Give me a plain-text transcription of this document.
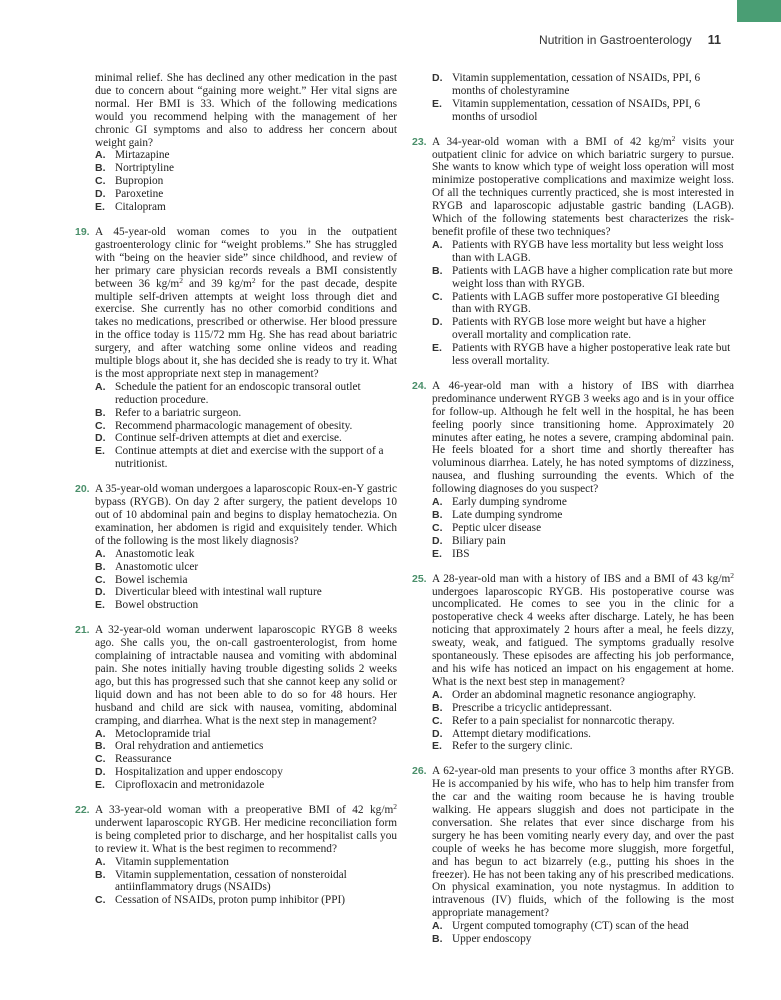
Nutrition in Gastroenterology 11

minimal relief. She has declined any other medication in the past due to concern about “gaining more weight.” Her vital signs are normal. Her BMI is 33. Which of the following medications would you recommend helping with the management of her chronic GI symptoms and also to address her concern about weight gain?

A. Mirtazapine
B. Nortriptyline
C. Bupropion
D. Paroxetine
E. Citalopram
19. A 45-year-old woman comes to you in the outpatient gastroenterology clinic for “weight problems.” She has struggled with “being on the heavier side” since childhood, and review of her primary care physician records reveals a BMI consistently between 36 $kg/m^2$ and 39 $kg/m^2$ for the past decade, despite multiple self-driven attempts at weight loss through diet and exercise. She currently has no other comorbid conditions and takes no medications, prescribed or otherwise. Her blood pressure in the office today is 115/72 mm Hg. She has read about bariatric surgery, and after watching some online videos and reading multiple blogs about it, she has decided she is ready to try it. What is the most appropriate next step in management?

A. Schedule the patient for an endoscopic transoral outlet reduction procedure.
B. Refer to a bariatric surgeon.
C. Recommend pharmacologic management of obesity.
D. Continue self-driven attempts at diet and exercise.
E. Continue attempts at diet and exercise with the support of a nutritionist.
20. A 35-year-old woman undergoes a laparoscopic Roux-en-Y gastric bypass (RYGB). On day 2 after surgery, the patient develops 10 out of 10 abdominal pain and begins to display hematochezia. On examination, her abdomen is rigid and exquisitely tender. Which of the following is the most likely diagnosis?

A. Anastomotic leak
B. Anastomotic ulcer
C. Bowel ischemia
D. Diverticular bleed with intestinal wall rupture
E. Bowel obstruction
21. A 32-year-old woman underwent laparoscopic RYGB 8 weeks ago. She calls you, the on-call gastroenterologist, from home complaining of intractable nausea and vomiting with abdominal pain. She notes initially having trouble digesting solids 2 weeks ago, but this has progressed such that she cannot keep any solid or liquid down and has not been able to do so for 48 hours. Her husband and child are sick with nausea, vomiting, abdominal cramping, and diarrhea. What is the next step in management?

A. Metoclopramide trial
B. Oral rehydration and antiemetics
C. Reassurance
D. Hospitalization and upper endoscopy
E. Ciprofloxacin and metronidazole
22. A 33-year-old woman with a preoperative BMI of 42 $kg/m^2$ underwent laparoscopic RYGB. Her medicine reconciliation form is being completed prior to discharge, and her hospitalist calls you to review it. What is the best regimen to recommend?

A. Vitamin supplementation
B. Vitamin supplementation, cessation of nonsteroidal antiinflammatory drugs (NSAIDs)
C. Cessation of NSAIDs, proton pump inhibitor (PPI)
D. Vitamin supplementation, cessation of NSAIDs, PPI, 6 months of cholestyramine
E. Vitamin supplementation, cessation of NSAIDs, PPI, 6 months of ursodiol
23. A 34-year-old woman with a BMI of 42 $kg/m^2$ visits your outpatient clinic for advice on which bariatric surgery to pursue. She wants to know which type of weight loss operation will most minimize postoperative complications and maximize weight loss. Of all the techniques currently practiced, she is most interested in RYGB and laparoscopic adjustable gastric banding (LAGB). Which of the following statements best characterizes the risk-benefit profile of these two techniques?

A. Patients with RYGB have less mortality but less weight loss than with LAGB.
B. Patients with LAGB have a higher complication rate but more weight loss than with RYGB.
C. Patients with LAGB suffer more postoperative GI bleeding than with RYGB.
D. Patients with RYGB lose more weight but have a higher overall mortality and complication rate.
E. Patients with RYGB have a higher postoperative leak rate but less overall mortality.
24. A 46-year-old man with a history of IBS with diarrhea predominance underwent RYGB 3 weeks ago and is in your office for follow-up. Although he felt well in the hospital, he has been feeling poorly since transitioning home. Approximately 20 minutes after eating, he notes a severe, cramping abdominal pain. He feels bloated for a short time and shortly thereafter has voluminous diarrhea. Lately, he has noted symptoms of dizziness, nausea, and flushing surrounding the events. Which of the following diagnoses do you suspect?

A. Early dumping syndrome
B. Late dumping syndrome
C. Peptic ulcer disease
D. Biliary pain
E. IBS
25. A 28-year-old man with a history of IBS and a BMI of 43 $kg/m^2$ undergoes laparoscopic RYGB. His postoperative course was uncomplicated. He comes to see you in the clinic for a postoperative check 4 weeks after discharge. Lately, he has been noticing that approximately 2 hours after a meal, he feels dizzy, sweaty, weak, and fatigued. The symptoms gradually resolve spontaneously. These episodes are affecting his job performance, and his wife has noticed an impact on his engagement at home. What is the next best step in management?

A. Order an abdominal magnetic resonance angiography.
B. Prescribe a tricyclic antidepressant.
C. Refer to a pain specialist for nonnarcotic therapy.
D. Attempt dietary modifications.
E. Refer to the surgery clinic.
26. A 62-year-old man presents to your office 3 months after RYGB. He is accompanied by his wife, who has to help him transfer from the car and the waiting room because he is having trouble walking. He appears sluggish and does not participate in the conversation. She relates that ever since discharge from his surgery he has been vomiting nearly every day, and over the past couple of weeks he has become more sluggish, more forgetful, and has begun to act bizarrely (e.g., putting his shoes in the freezer). He has not been taking any of his prescribed medications. On physical examination, you note nystagmus. In addition to intravenous (IV) fluids, which of the following is the most appropriate management?

A. Urgent computed tomography (CT) scan of the head
B. Upper endoscopy
